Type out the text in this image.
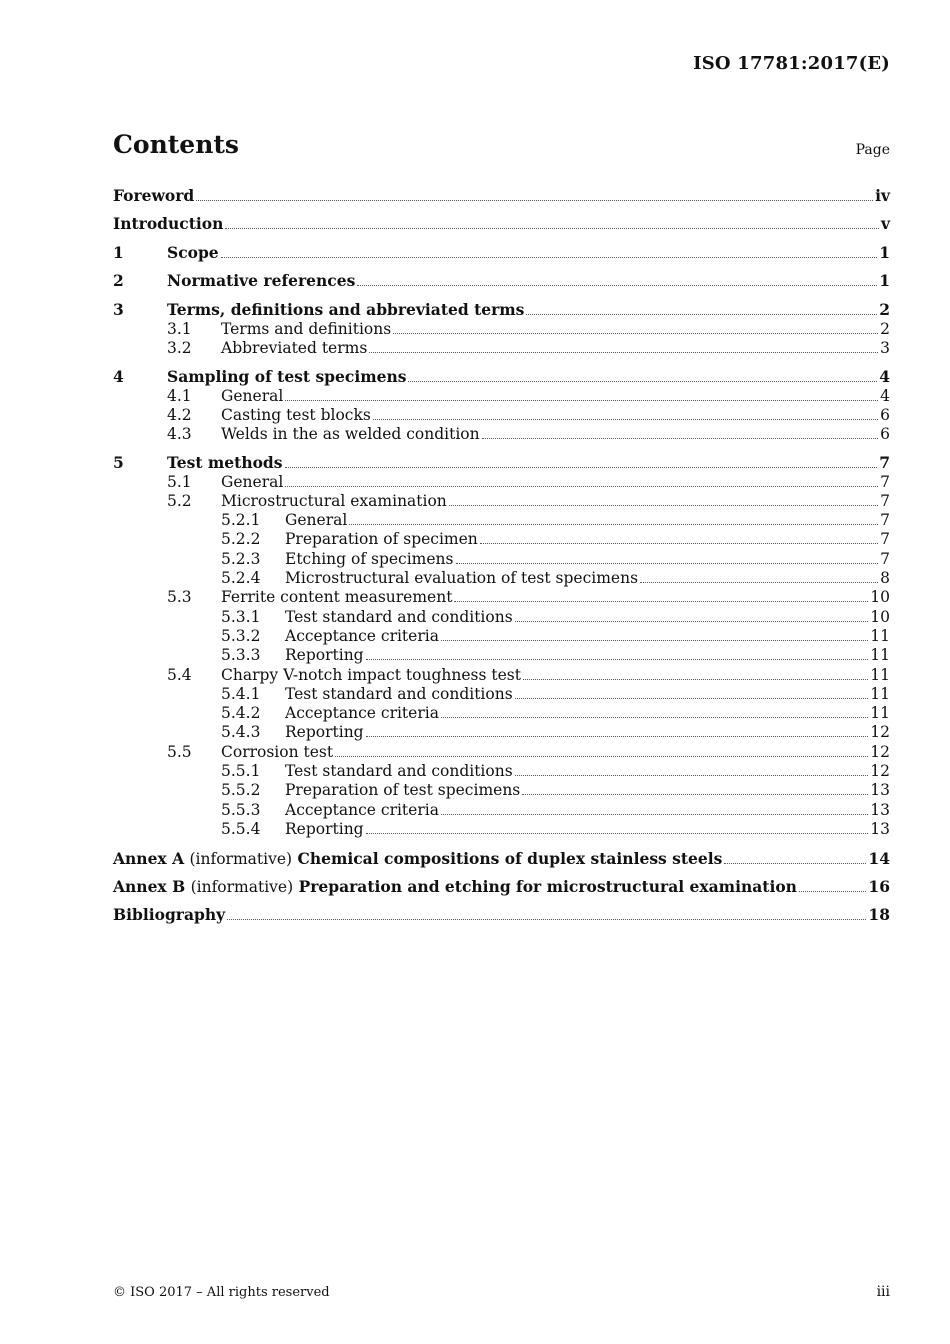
ISO 17781:2017(E)
Contents	Page
Foreword	iv
Introduction	v
1	Scope	1
2	Normative references	1
3	Terms, definitions and abbreviated terms	2
3.1	Terms and definitions	2
3.2	Abbreviated terms	3
4	Sampling of test specimens	4
4.1	General	4
4.2	Casting test blocks	6
4.3	Welds in the as welded condition	6
5	Test methods	7
5.1	General	7
5.2	Microstructural examination	7
5.2.1	General	7
5.2.2	Preparation of specimen	7
5.2.3	Etching of specimens	7
5.2.4	Microstructural evaluation of test specimens	8
5.3	Ferrite content measurement	10
5.3.1	Test standard and conditions	10
5.3.2	Acceptance criteria	11
5.3.3	Reporting	11
5.4	Charpy V-notch impact toughness test	11
5.4.1	Test standard and conditions	11
5.4.2	Acceptance criteria	11
5.4.3	Reporting	12
5.5	Corrosion test	12
5.5.1	Test standard and conditions	12
5.5.2	Preparation of test specimens	13
5.5.3	Acceptance criteria	13
5.5.4	Reporting	13
Annex A (informative) Chemical compositions of duplex stainless steels	14
Annex B (informative) Preparation and etching for microstructural examination	16
Bibliography	18
© ISO 2017 – All rights reserved	iii
